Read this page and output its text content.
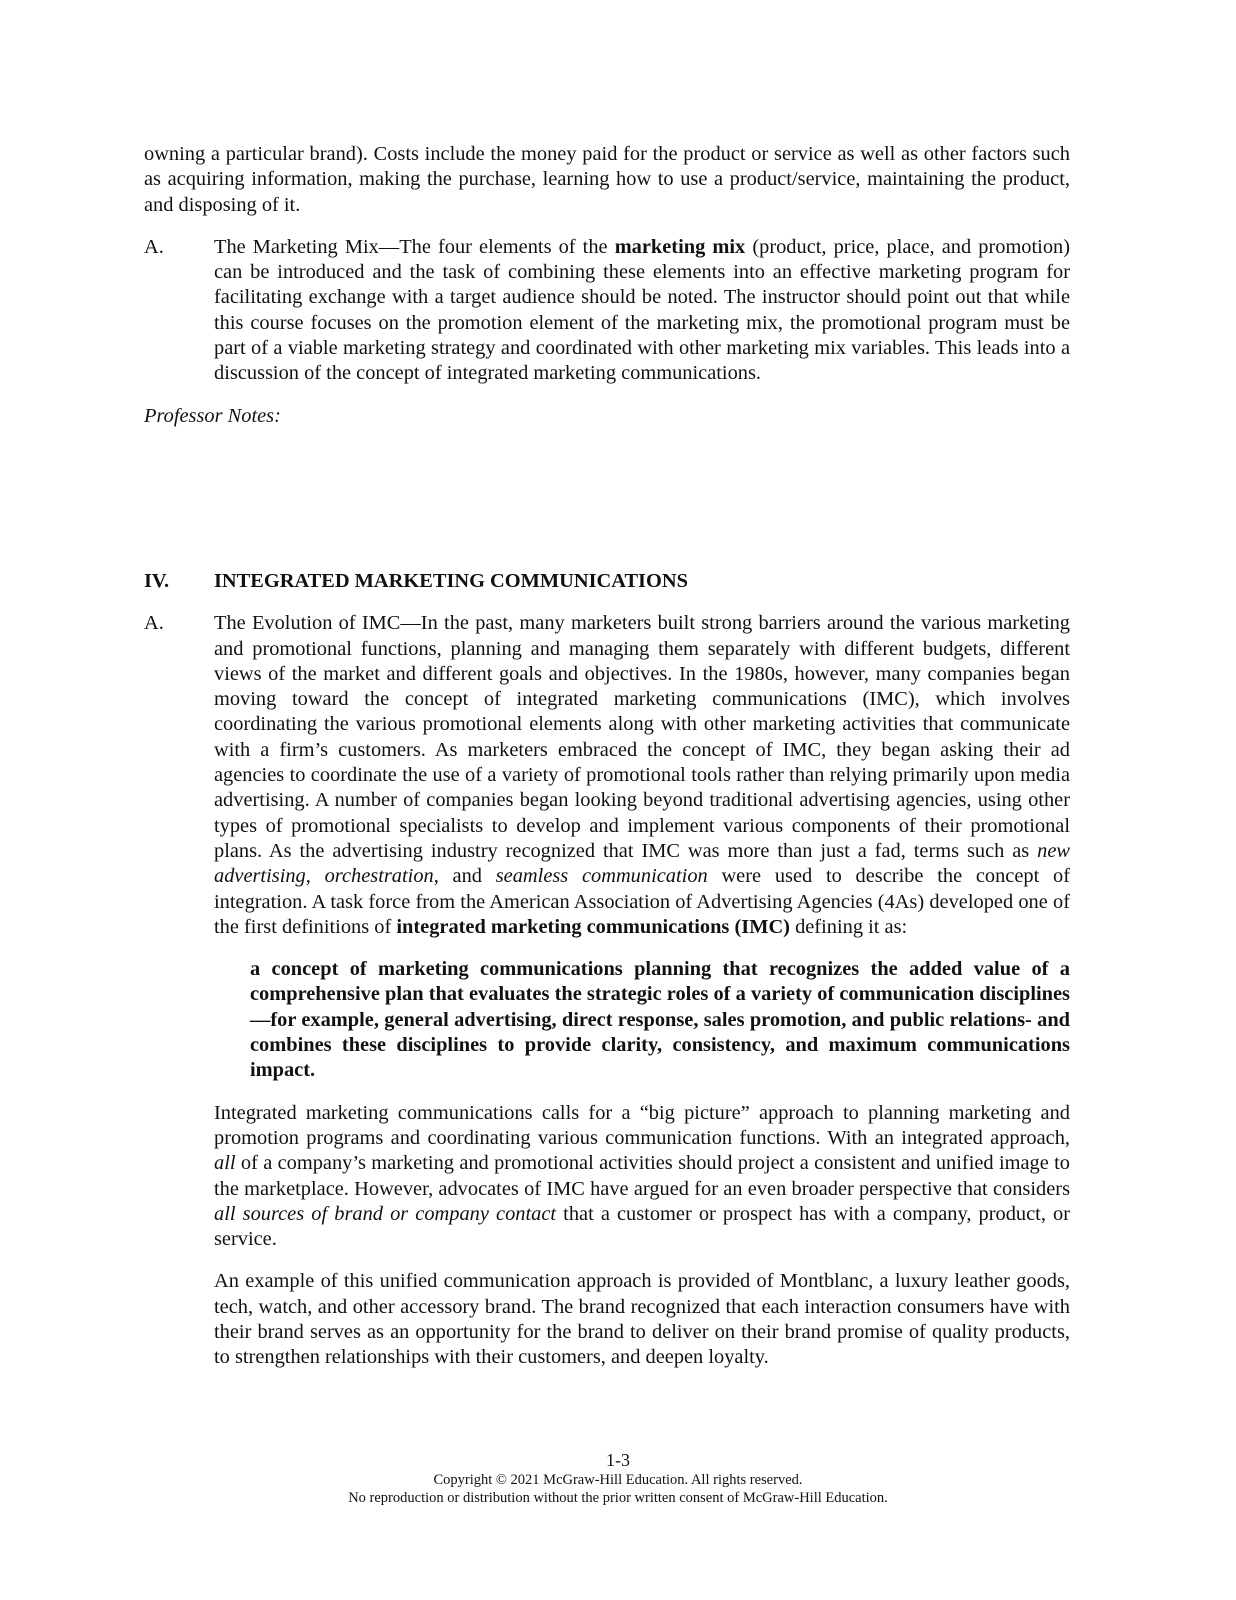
owning a particular brand). Costs include the money paid for the product or service as well as other factors such as acquiring information, making the purchase, learning how to use a product/service, maintaining the product, and disposing of it.

A.	The Marketing Mix—The four elements of the marketing mix (product, price, place, and promotion) can be introduced and the task of combining these elements into an effective marketing program for facilitating exchange with a target audience should be noted. The instructor should point out that while this course focuses on the promotion element of the marketing mix, the promotional program must be part of a viable marketing strategy and coordinated with other marketing mix variables. This leads into a discussion of the concept of integrated marketing communications.

Professor Notes:

IV.	INTEGRATED MARKETING COMMUNICATIONS
A.	The Evolution of IMC—In the past, many marketers built strong barriers around the various marketing and promotional functions, planning and managing them separately with different budgets, different views of the market and different goals and objectives. In the 1980s, however, many companies began moving toward the concept of integrated marketing communications (IMC), which involves coordinating the various promotional elements along with other marketing activities that communicate with a firm’s customers. As marketers embraced the concept of IMC, they began asking their ad agencies to coordinate the use of a variety of promotional tools rather than relying primarily upon media advertising. A number of companies began looking beyond traditional advertising agencies, using other types of promotional specialists to develop and implement various components of their promotional plans. As the advertising industry recognized that IMC was more than just a fad, terms such as new advertising, orchestration, and seamless communication were used to describe the concept of integration. A task force from the American Association of Advertising Agencies (4As) developed one of the first definitions of integrated marketing communications (IMC) defining it as:

a concept of marketing communications planning that recognizes the added value of a comprehensive plan that evaluates the strategic roles of a variety of communication disciplines—for example, general advertising, direct response, sales promotion, and public relations- and combines these disciplines to provide clarity, consistency, and maximum communications impact.

Integrated marketing communications calls for a “big picture” approach to planning marketing and promotion programs and coordinating various communication functions. With an integrated approach, all of a company’s marketing and promotional activities should project a consistent and unified image to the marketplace. However, advocates of IMC have argued for an even broader perspective that considers all sources of brand or company contact that a customer or prospect has with a company, product, or service.

An example of this unified communication approach is provided of Montblanc, a luxury leather goods, tech, watch, and other accessory brand. The brand recognized that each interaction consumers have with their brand serves as an opportunity for the brand to deliver on their brand promise of quality products, to strengthen relationships with their customers, and deepen loyalty.

1-3
Copyright © 2021 McGraw-Hill Education. All rights reserved.
No reproduction or distribution without the prior written consent of McGraw-Hill Education.
